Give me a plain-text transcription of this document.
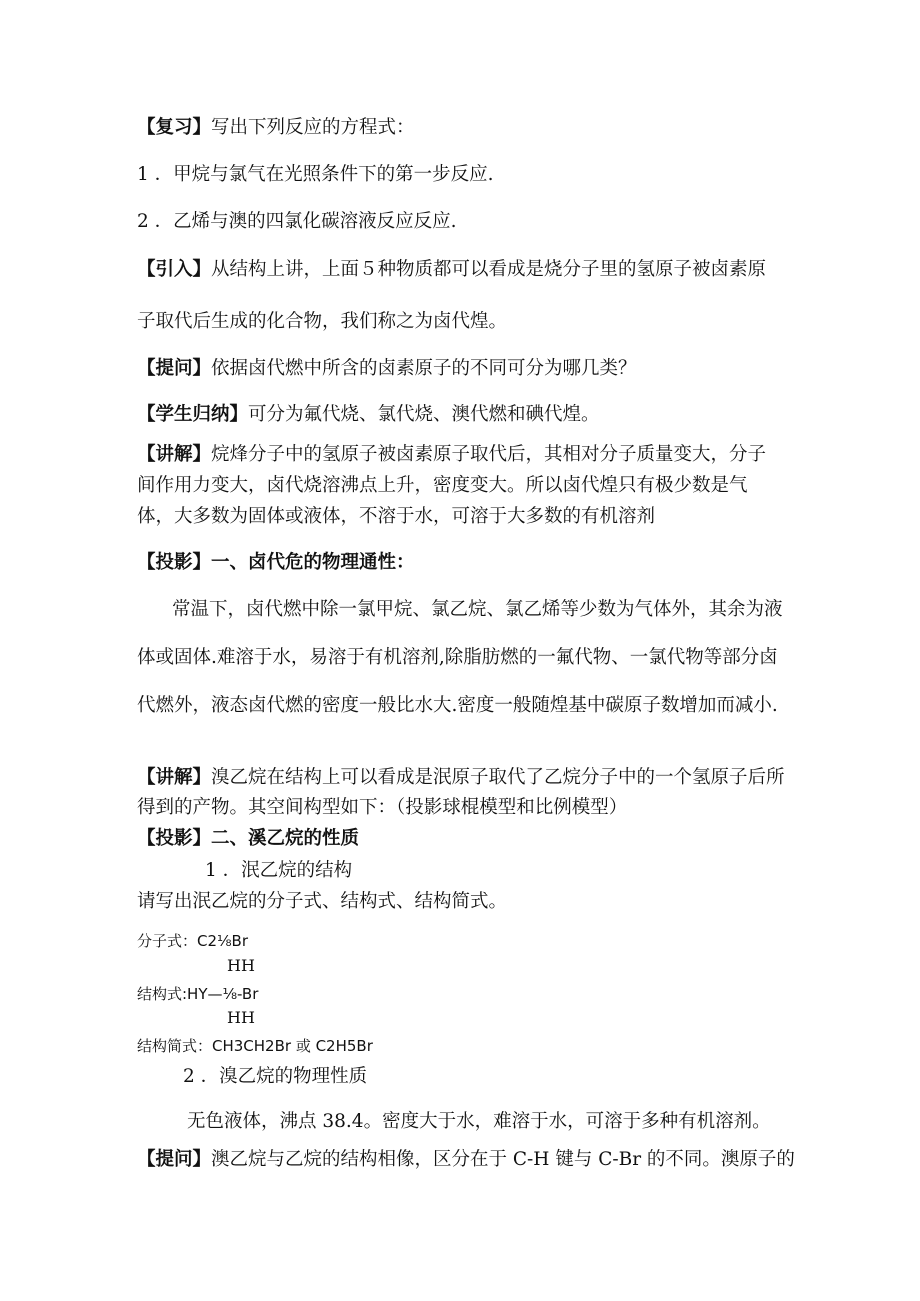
【复习】写出下列反应的方程式：
1 ．甲烷与氯气在光照条件下的第一步反应.
2 ．乙烯与澳的四氯化碳溶液反应反应.
【引入】从结构上讲，上面５种物质都可以看成是烧分子里的氢原子被卤素原
子取代后生成的化合物，我们称之为卤代煌。
【提问】依据卤代燃中所含的卤素原子的不同可分为哪几类？
【学生归纳】可分为氟代烧、氯代烧、澳代燃和碘代煌。
【讲解】烷烽分子中的氢原子被卤素原子取代后，其相对分子质量变大，分子
间作用力变大，卤代烧溶沸点上升，密度变大。所以卤代煌只有极少数是气
体，大多数为固体或液体，不溶于水，可溶于大多数的有机溶剂
【投影】一、卤代危的物理通性：
常温下，卤代燃中除一氯甲烷、氯乙烷、氯乙烯等少数为气体外，其余为液
体或固体.难溶于水，易溶于有机溶剂,除脂肪燃的一氟代物、一氯代物等部分卤
代燃外，液态卤代燃的密度一般比水大.密度一般随煌基中碳原子数增加而减小.
【讲解】溴乙烷在结构上可以看成是泯原子取代了乙烷分子中的一个氢原子后所
得到的产物。其空间构型如下：（投影球棍模型和比例模型）
【投影】二、溪乙烷的性质
1 ．泯乙烷的结构
请写出泯乙烷的分子式、结构式、结构简式。
分子式：C2⅛Br
HH
结构式:HY—⅛-Br
HH
结构简式：CH3CH2Br 或 C2H5Br
2 ．溴乙烷的物理性质
无色液体，沸点 38.4。密度大于水，难溶于水，可溶于多种有机溶剂。
【提问】澳乙烷与乙烷的结构相像，区分在于 C-H 键与 C-Br 的不同。澳原子的
